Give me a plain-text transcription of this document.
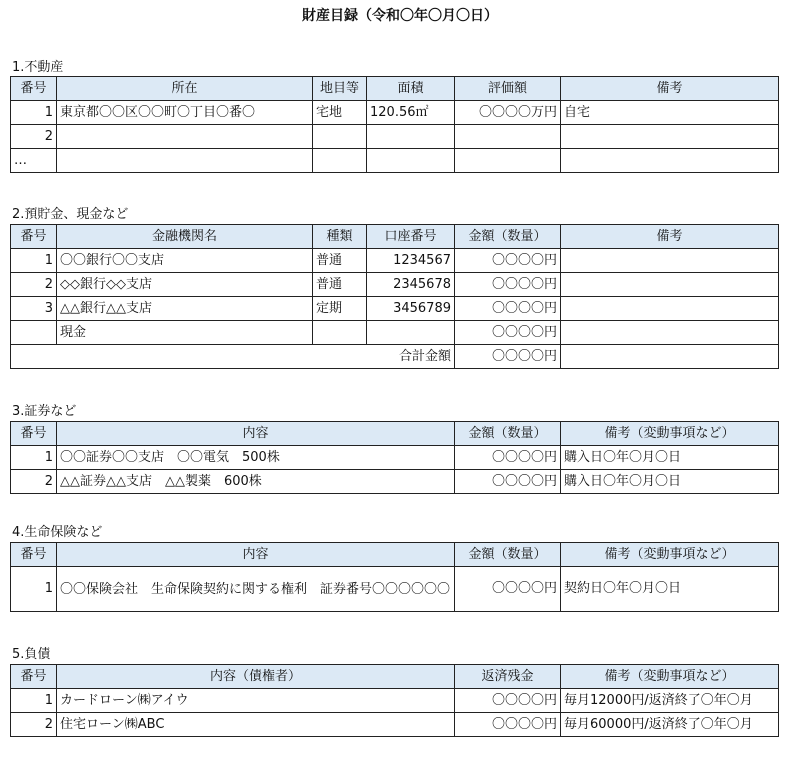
財産目録（令和〇年〇月〇日）
1.不動産
番号	所在	地目等	面積	評価額	備考
1	東京都〇〇区〇〇町〇丁目〇番〇	宅地	120.56㎡	〇〇〇〇万円	自宅
2					
…					
2.預貯金、現金など
番号	金融機関名	種類	口座番号	金額（数量）	備考
1	〇〇銀行〇〇支店	普通	1234567	〇〇〇〇円	
2	◇◇銀行◇◇支店	普通	2345678	〇〇〇〇円	
3	△△銀行△△支店	定期	3456789	〇〇〇〇円	
	現金			〇〇〇〇円	
合計金額				〇〇〇〇円	
3.証券など
番号	内容	金額（数量）	備考（変動事項など）
1	〇〇証券〇〇支店　〇〇電気　500株	〇〇〇〇円	購入日〇年〇月〇日
2	△△証券△△支店　△△製薬　600株	〇〇〇〇円	購入日〇年〇月〇日
4.生命保険など
番号	内容	金額（数量）	備考（変動事項など）
1	〇〇保険会社　生命保険契約に関する権利　証券番号〇〇〇〇〇〇	〇〇〇〇円	契約日〇年〇月〇日
5.負債
番号	内容（債権者）	返済残金	備考（変動事項など）
1	カードローン㈱アイウ	〇〇〇〇円	毎月12000円/返済終了〇年〇月
2	住宅ローン㈱ABC	〇〇〇〇円	毎月60000円/返済終了〇年〇月
